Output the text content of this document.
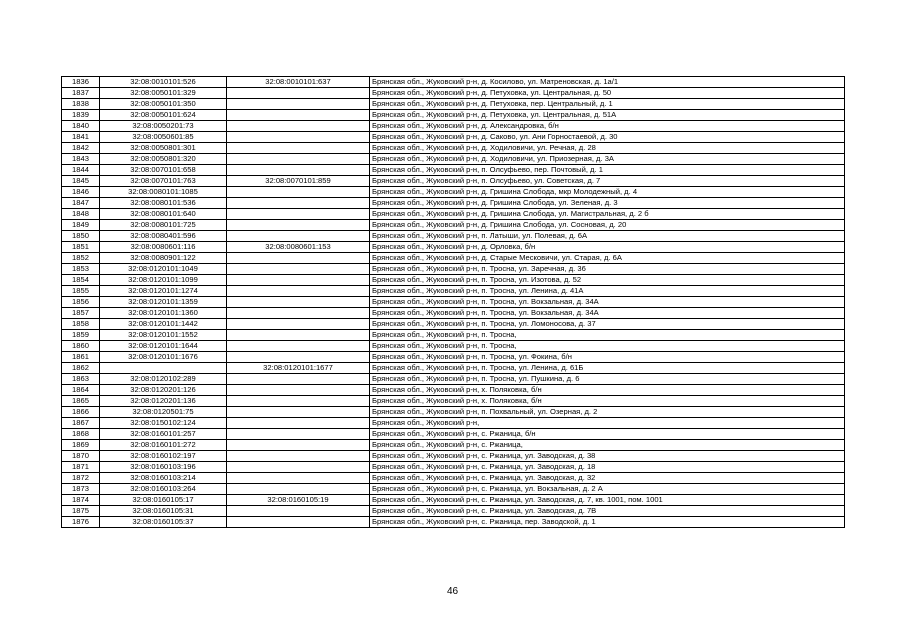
1836	32:08:0010101:526	32:08:0010101:637	Брянская обл., Жуковский р-н, д. Косилово, ул. Матреновская, д. 1а/1
1837	32:08:0050101:329		Брянская обл., Жуковский р-н, д. Петуховка, ул. Центральная, д. 50
1838	32:08:0050101:350		Брянская обл., Жуковский р-н, д. Петуховка, пер. Центральный, д. 1
1839	32:08:0050101:624		Брянская обл., Жуковский р-н, д. Петуховка, ул. Центральная, д. 51А
1840	32:08:0050201:73		Брянская обл., Жуковский р-н, д. Александровка, б/н
1841	32:08:0050601:85		Брянская обл., Жуковский р-н, д. Саково, ул. Ани Горностаевой, д. 30
1842	32:08:0050801:301		Брянская обл., Жуковский р-н, д. Ходиловичи, ул. Речная, д. 28
1843	32:08:0050801:320		Брянская обл., Жуковский р-н, д. Ходиловичи, ул. Приозерная, д. 3А
1844	32:08:0070101:658		Брянская обл., Жуковский р-н, п. Олсуфьево, пер. Почтовый, д. 1
1845	32:08:0070101:763	32:08:0070101:859	Брянская обл., Жуковский р-н, п. Олсуфьево, ул. Советская, д. 7
1846	32:08:0080101:1085		Брянская обл., Жуковский р-н, д. Гришина Слобода, мкр Молодежный, д. 4
1847	32:08:0080101:536		Брянская обл., Жуковский р-н, д. Гришина Слобода, ул. Зеленая, д. 3
1848	32:08:0080101:640		Брянская обл., Жуковский р-н, д. Гришина Слобода, ул. Магистральная, д. 2 б
1849	32:08:0080101:725		Брянская обл., Жуковский р-н, д. Гришина Слобода, ул. Сосновая, д. 20
1850	32:08:0080401:596		Брянская обл., Жуковский р-н, п. Латыши, ул. Полевая, д. 6А
1851	32:08:0080601:116	32:08:0080601:153	Брянская обл., Жуковский р-н, д. Орловка, б/н
1852	32:08:0080901:122		Брянская обл., Жуковский р-н, д. Старые Месковичи, ул. Старая, д. 6А
1853	32:08:0120101:1049		Брянская обл., Жуковский р-н, п. Тросна, ул. Заречная, д. 36
1854	32:08:0120101:1099		Брянская обл., Жуковский р-н, п. Тросна, ул. Изотова, д. 52
1855	32:08:0120101:1274		Брянская обл., Жуковский р-н, п. Тросна, ул. Ленина, д. 41А
1856	32:08:0120101:1359		Брянская обл., Жуковский р-н, п. Тросна, ул. Вокзальная, д. 34А
1857	32:08:0120101:1360		Брянская обл., Жуковский р-н, п. Тросна, ул. Вокзальная, д. 34А
1858	32:08:0120101:1442		Брянская обл., Жуковский р-н, п. Тросна, ул. Ломоносова, д. 37
1859	32:08:0120101:1552		Брянская обл., Жуковский р-н, п. Тросна,
1860	32:08:0120101:1644		Брянская обл., Жуковский р-н, п. Тросна,
1861	32:08:0120101:1676		Брянская обл., Жуковский р-н, п. Тросна, ул. Фокина, б/н
1862		32:08:0120101:1677	Брянская обл., Жуковский р-н, п. Тросна, ул. Ленина, д. 61Б
1863	32:08:0120102:289		Брянская обл., Жуковский р-н, п. Тросна, ул. Пушкина, д. 6
1864	32:08:0120201:126		Брянская обл., Жуковский р-н, х. Поляковка, б/н
1865	32:08:0120201:136		Брянская обл., Жуковский р-н, х. Поляковка, б/н
1866	32:08:0120501:75		Брянская обл., Жуковский р-н, п. Похвальный, ул. Озерная, д. 2
1867	32:08:0150102:124		Брянская обл., Жуковский р-н,
1868	32:08:0160101:257		Брянская обл., Жуковский р-н, с. Ржаница, б/н
1869	32:08:0160101:272		Брянская обл., Жуковский р-н, с. Ржаница,
1870	32:08:0160102:197		Брянская обл., Жуковский р-н, с. Ржаница, ул. Заводская, д. 38
1871	32:08:0160103:196		Брянская обл., Жуковский р-н, с. Ржаница, ул. Заводская, д. 18
1872	32:08:0160103:214		Брянская обл., Жуковский р-н, с. Ржаница, ул. Заводская, д. 32
1873	32:08:0160103:264		Брянская обл., Жуковский р-н, с. Ржаница, ул. Вокзальная, д. 2 А
1874	32:08:0160105:17	32:08:0160105:19	Брянская обл., Жуковский р-н, с. Ржаница, ул. Заводская, д. 7, кв. 1001, пом. 1001
1875	32:08:0160105:31		Брянская обл., Жуковский р-н, с. Ржаница, ул. Заводская, д. 7В
1876	32:08:0160105:37		Брянская обл., Жуковский р-н, с. Ржаница, пер. Заводской, д. 1
46
